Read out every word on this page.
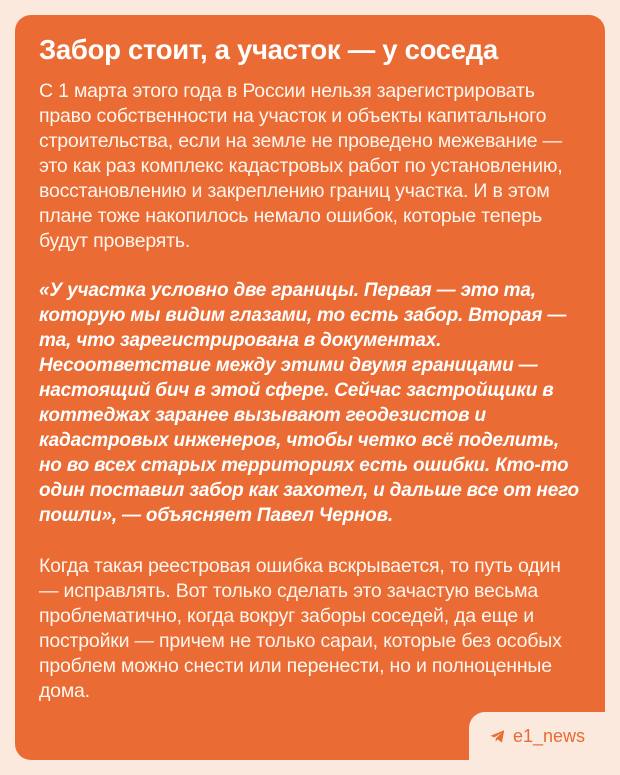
Забор стоит, а участок — у соседа

С 1 марта этого года в России нельзя зарегистрировать право собственности на участок и объекты капитального строительства, если на земле не проведено межевание — это как раз комплекс кадастровых работ по установлению, восстановлению и закреплению границ участка. И в этом плане тоже накопилось немало ошибок, которые теперь будут проверять.

«У участка условно две границы. Первая — это та, которую мы видим глазами, то есть забор. Вторая — та, что зарегистрирована в документах. Несоответствие между этими двумя границами — настоящий бич в этой сфере. Сейчас застройщики в коттеджах заранее вызывают геодезистов и кадастровых инженеров, чтобы четко всё поделить, но во всех старых территориях есть ошибки. Кто-то один поставил забор как захотел, и дальше все от него пошли», — объясняет Павел Чернов.

Когда такая реестровая ошибка вскрывается, то путь один — исправлять. Вот только сделать это зачастую весьма проблематично, когда вокруг заборы соседей, да еще и постройки — причем не только сараи, которые без особых проблем можно снести или перенести, но и полноценные дома.

e1_news
